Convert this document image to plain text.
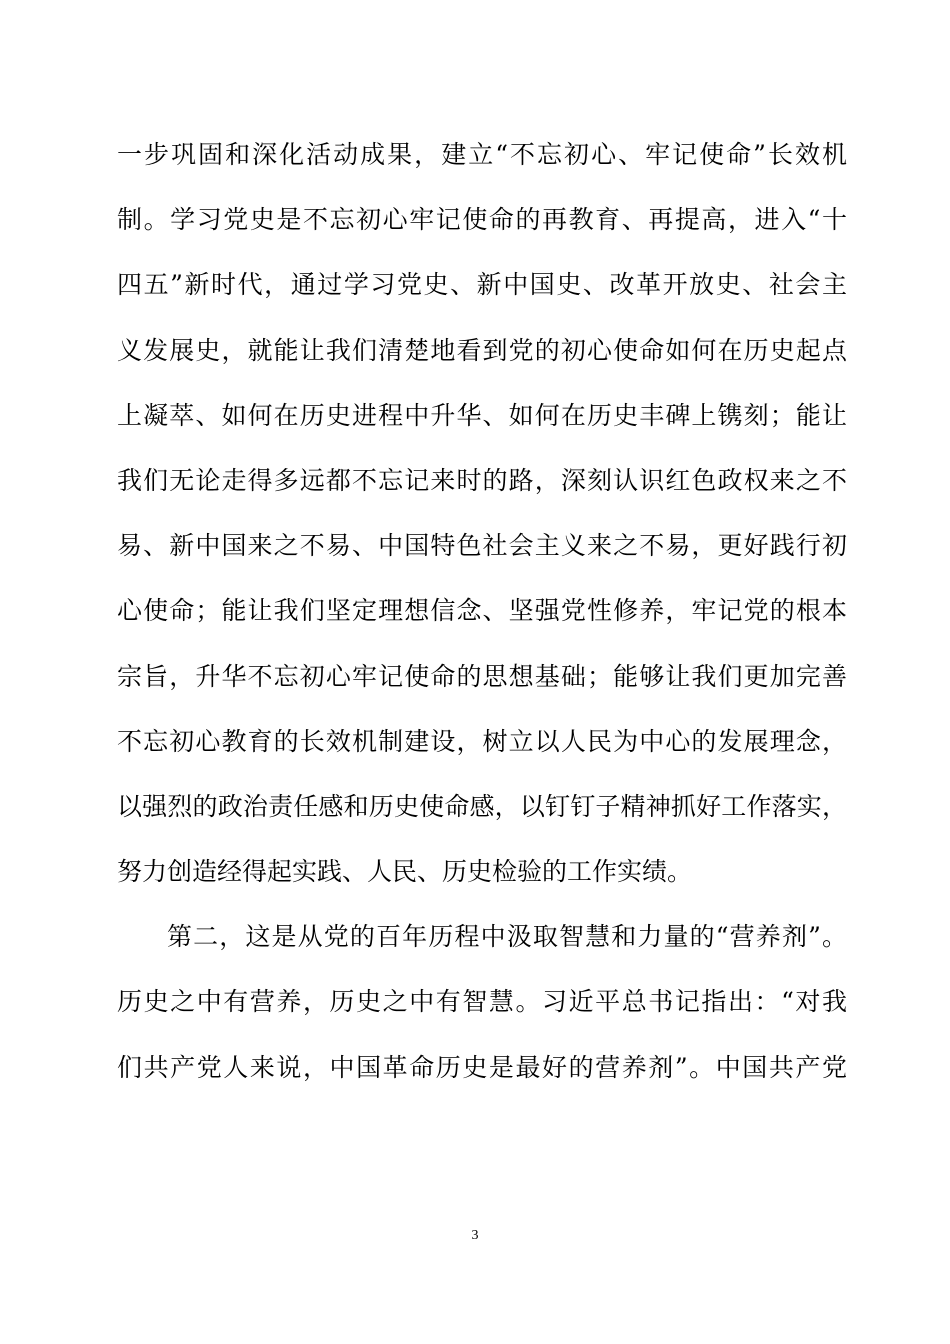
一步巩固和深化活动成果，建立“不忘初心、牢记使命”长效机
制。学习党史是不忘初心牢记使命的再教育、再提高，进入“十
四五”新时代，通过学习党史、新中国史、改革开放史、社会主
义发展史，就能让我们清楚地看到党的初心使命如何在历史起点
上凝萃、如何在历史进程中升华、如何在历史丰碑上镌刻；能让
我们无论走得多远都不忘记来时的路，深刻认识红色政权来之不
易、新中国来之不易、中国特色社会主义来之不易，更好践行初
心使命；能让我们坚定理想信念、坚强党性修养，牢记党的根本
宗旨，升华不忘初心牢记使命的思想基础；能够让我们更加完善
不忘初心教育的长效机制建设，树立以人民为中心的发展理念，
以强烈的政治责任感和历史使命感，以钉钉子精神抓好工作落实，
努力创造经得起实践、人民、历史检验的工作实绩。
第二，这是从党的百年历程中汲取智慧和力量的“营养剂”。
历史之中有营养，历史之中有智慧。习近平总书记指出：“对我
们共产党人来说，中国革命历史是最好的营养剂”。中国共产党
3
